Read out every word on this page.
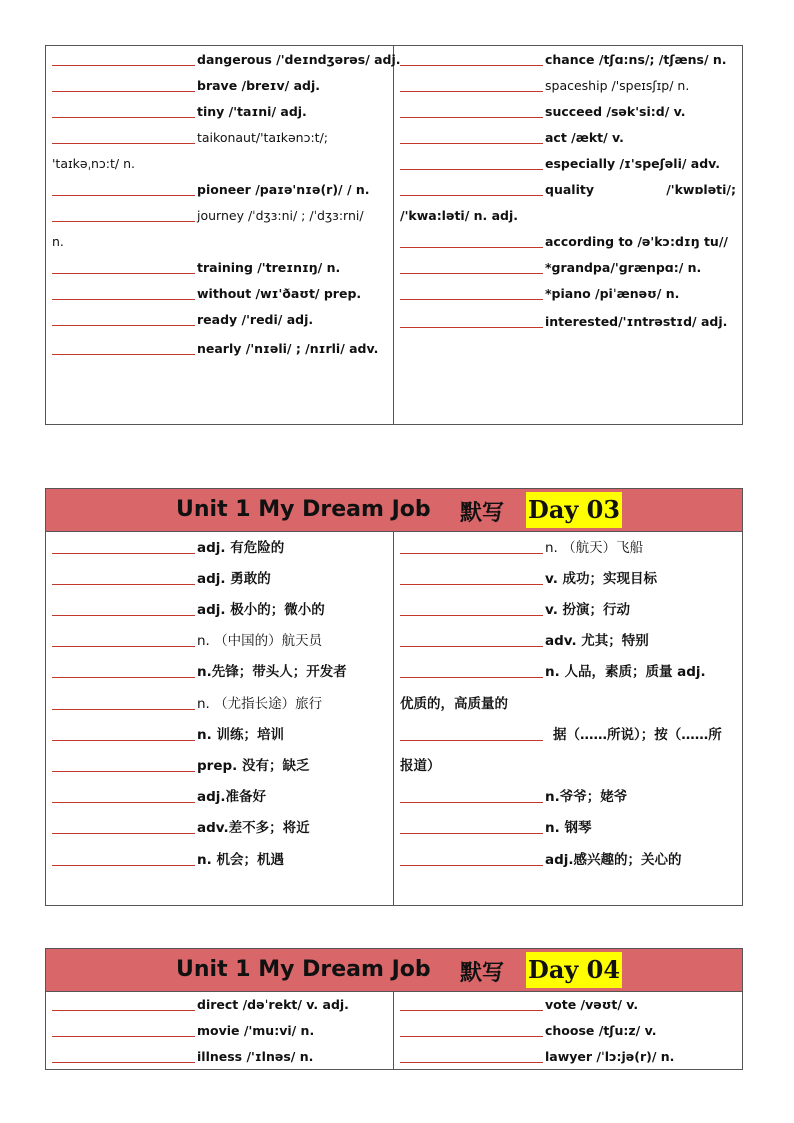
dangerous /'deɪndʒərəs/ adj.
brave /breɪv/ adj.
tiny /'taɪni/ adj.
taikonaut/'taɪkənɔ:t/;
'taɪkəˌnɔ:t/ n.
pioneer /paɪə'nɪə(r)/ / n.
journey /ˈdʒɜ:ni/ ; /ˈdʒɜ:rni/
n.
training /'treɪnɪŋ/ n.
without /wɪ'ðaʊt/ prep.
ready /'redi/ adj.
nearly /'nɪəli/ ; /nɪrli/ adv.
chance /tʃɑ:ns/; /tʃæns/ n.
spaceship /'speɪsʃɪp/ n.
succeed /sək'si:d/ v.
act /ækt/ v.
especially /ɪ'speʃəli/ adv.
quality	/'kwɒləti/;
/'kwa:ləti/ n. adj.
according to /ə'kɔ:dɪŋ tu//
*grandpa/'grænpɑ:/ n.
*piano /piˈænəʊ/ n.
interested/'ɪntrəstɪd/ adj.
Unit 1 My Dream Job 默写 Day 03
adj. 有危险的
adj. 勇敢的
adj. 极小的；微小的
n. （中国的）航天员
n.先锋；带头人；开发者
n. （尤指长途）旅行
n. 训练；培训
prep. 没有；缺乏
adj.准备好
adv.差不多；将近
n. 机会；机遇
n. （航天）飞船
v. 成功；实现目标
v. 扮演；行动
adv. 尤其；特别
n. 人品，素质；质量 adj.
优质的，高质量的
据（……所说）；按（……所
报道）
n.爷爷；姥爷
n. 钢琴
adj.感兴趣的；关心的
Unit 1 My Dream Job 默写 Day 04
direct /dəˈrekt/ v. adj.
movie /'mu:vi/ n.
illness /'ɪlnəs/ n.
vote /vəʊt/ v.
choose /tʃu:z/ v.
lawyer /ˈlɔ:jə(r)/ n.
